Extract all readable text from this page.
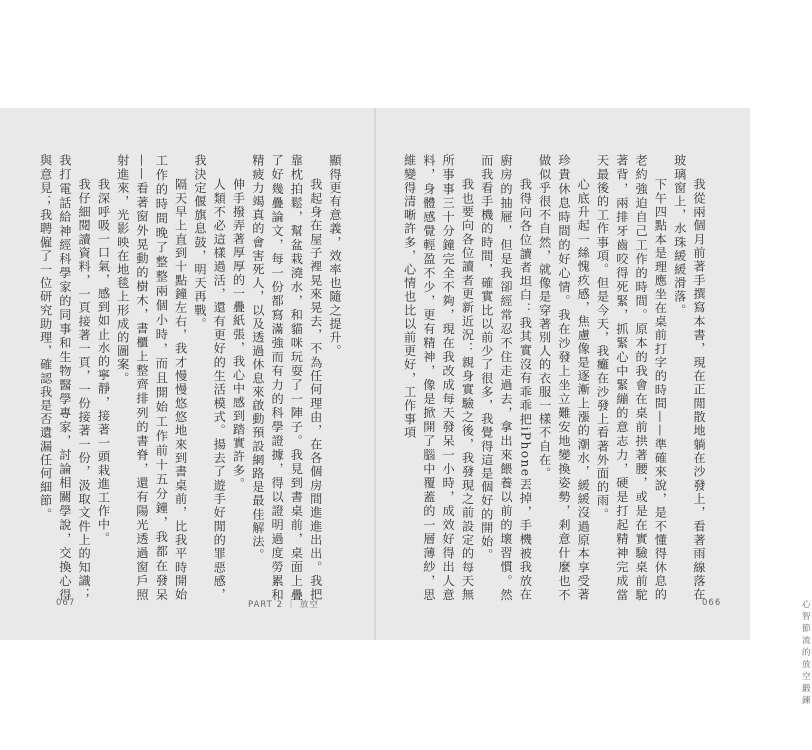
顯得更有意義，效率也隨之提升。

我起身在屋子裡晃來晃去，不為任何理由，在各個房間進進出出。我把靠枕拍鬆，幫盆栽澆水，和貓咪玩耍了一陣子。我見到書桌前，桌面上疊了好幾疊論文，每一份都寫滿強而有力的科學證據，得以證明過度勞累和精疲力竭真的會害死人，以及透過休息來啟動預設網路是最佳解法。

伸手撥弄著厚厚的一疊紙張，我心中感到踏實許多。

人類不必這樣過活，還有更好的生活模式。揚去了遊手好閒的罪惡感，我決定偃旗息鼓，明天再戰。

隔天早上直到十點鐘左右，我才慢慢悠悠地來到書桌前，比我平時開始工作的時間晚了整整兩個小時，而且開始工作前十五分鐘，我都在發呆——看著窗外晃動的樹木，書櫃上整齊排列的書脊，還有陽光透過窗戶照射進來，光影映在地毯上形成的圖案。

我深呼吸一口氣，感到如止水的寧靜，接著一頭栽進工作中。

我仔細閱讀資料，一頁接著一頁，一份接著一份，汲取文件上的知識；我打電話給神經科學家的同事和生物醫學專家，討論相關學說，交換心得與意見；我聘僱了一位研究助理，確認我是否遺漏任何細節。

067	PART 2 ｜ 放空

我從兩個月前著手撰寫本書，現在正閒散地躺在沙發上，看著雨線落在玻璃窗上，水珠緩緩滑落。

下午四點本是理應坐在桌前打字的時間——準確來說，是不懂得休息的老約強迫自己工作的時間。原本的我會在桌前拱著腰，或是在實驗桌前駝著背，兩排牙齒咬得死緊，抓緊心中緊繃的意志力，硬是打起精神完成當天最後的工作事項。但是今天，我癱在沙發上看著外面的雨。

心底升起一絲愧疚感，焦慮像是逐漸上漲的潮水，緩緩沒過原本享受著珍貴休息時間的好心情。我在沙發上坐立難安地變換姿勢，剎意什麼也不做似乎很不自然，就像是穿著別人的衣服一樣不自在。

我得向各位讀者坦白：我其實沒有乖乖把iPhone丟掉，手機被我放在廚房的抽屜，但是我卻經常忍不住走過去，拿出來餵養以前的壞習慣。然而我看手機的時間，確實比以前少了很多，我覺得這是個好的開始。

我也要向各位讀者更新近況：親身實驗之後，我發現之前設定的每天無所事事三十分鐘完全不夠，現在我改成每天發呆一小時，成效好得出人意料，身體感覺輕盈不少，更有精神，像是掀開了腦中覆蓋的一層薄紗，思維變得清晰許多，心情也比以前更好，工作事項

心智節流的放空鍛鍊
066
